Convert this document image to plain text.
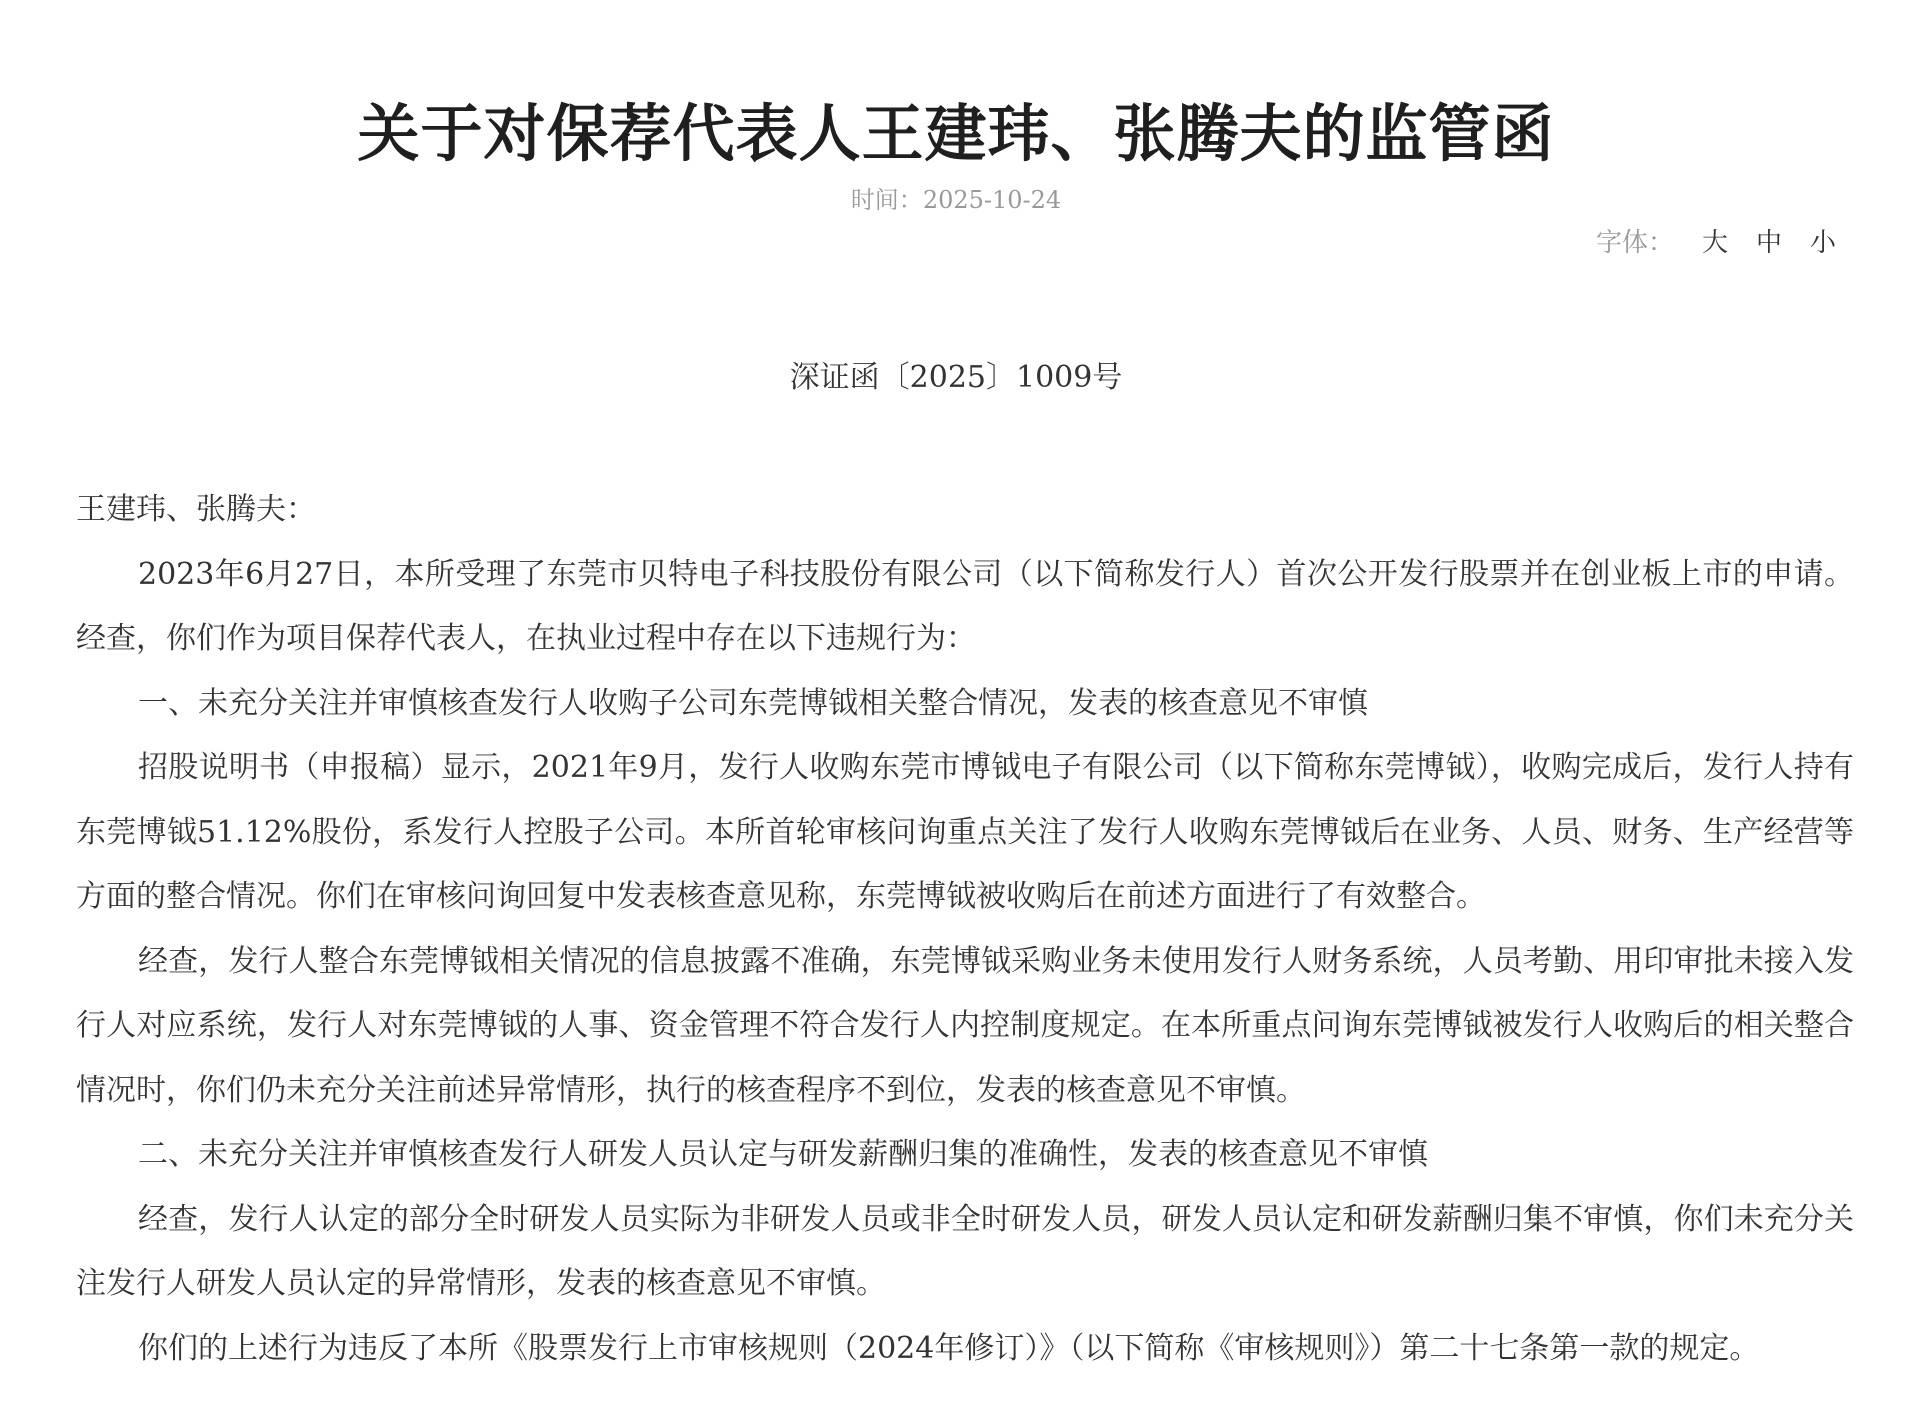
关于对保荐代表人王建玮、张腾夫的监管函
时间：2025-10-24
字体： 大 中 小
深证函〔2025〕1009号

王建玮、张腾夫：

2023年6月27日，本所受理了东莞市贝特电子科技股份有限公司（以下简称发行人）首次公开发行股票并在创业板上市的申请。经查，你们作为项目保荐代表人，在执业过程中存在以下违规行为：

一、未充分关注并审慎核查发行人收购子公司东莞博钺相关整合情况，发表的核查意见不审慎

招股说明书（申报稿）显示，2021年9月，发行人收购东莞市博钺电子有限公司（以下简称东莞博钺），收购完成后，发行人持有东莞博钺51.12%股份，系发行人控股子公司。本所首轮审核问询重点关注了发行人收购东莞博钺后在业务、人员、财务、生产经营等方面的整合情况。你们在审核问询回复中发表核查意见称，东莞博钺被收购后在前述方面进行了有效整合。

经查，发行人整合东莞博钺相关情况的信息披露不准确，东莞博钺采购业务未使用发行人财务系统，人员考勤、用印审批未接入发行人对应系统，发行人对东莞博钺的人事、资金管理不符合发行人内控制度规定。在本所重点问询东莞博钺被发行人收购后的相关整合情况时，你们仍未充分关注前述异常情形，执行的核查程序不到位，发表的核查意见不审慎。

二、未充分关注并审慎核查发行人研发人员认定与研发薪酬归集的准确性，发表的核查意见不审慎

经查，发行人认定的部分全时研发人员实际为非研发人员或非全时研发人员，研发人员认定和研发薪酬归集不审慎，你们未充分关注发行人研发人员认定的异常情形，发表的核查意见不审慎。

你们的上述行为违反了本所《股票发行上市审核规则（2024年修订）》（以下简称《审核规则》）第二十七条第一款的规定。
